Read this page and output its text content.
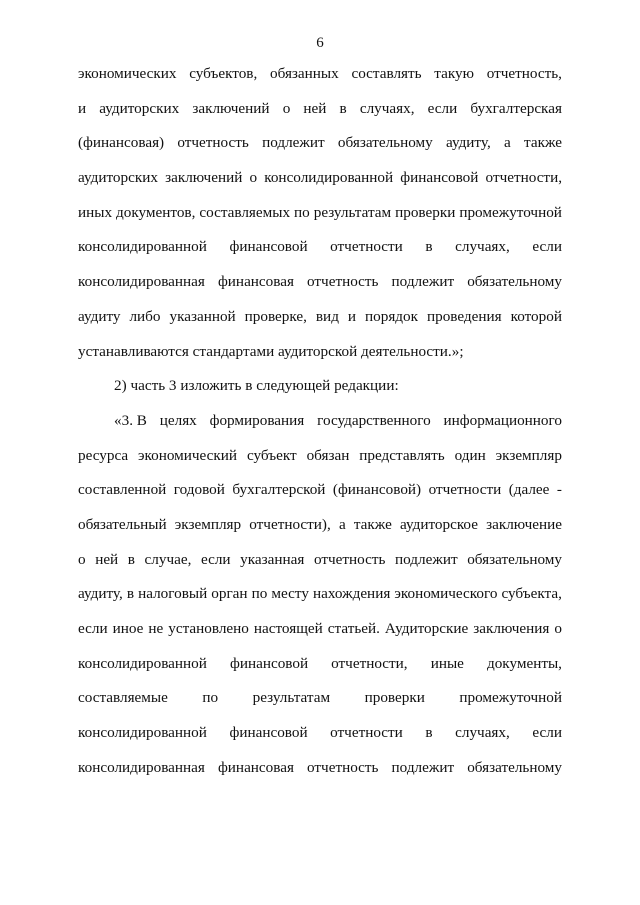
6
экономических субъектов, обязанных составлять такую отчетность,
и аудиторских заключений о ней в случаях, если бухгалтерская
(финансовая) отчетность подлежит обязательному аудиту, а также
аудиторских заключений о консолидированной финансовой отчетности,
иных документов, составляемых по результатам проверки промежуточной
консолидированной финансовой отчетности в случаях, если
консолидированная финансовая отчетность подлежит обязательному
аудиту либо указанной проверке, вид и порядок проведения которой
устанавливаются стандартами аудиторской деятельности.»;
2) часть 3 изложить в следующей редакции:
«3. В целях формирования государственного информационного
ресурса экономический субъект обязан представлять один экземпляр
составленной годовой бухгалтерской (финансовой) отчетности (далее -
обязательный экземпляр отчетности), а также аудиторское заключение
о ней в случае, если указанная отчетность подлежит обязательному
аудиту, в налоговый орган по месту нахождения экономического субъекта,
если иное не установлено настоящей статьей. Аудиторские заключения о
консолидированной финансовой отчетности, иные документы,
составляемые по результатам проверки промежуточной
консолидированной финансовой отчетности в случаях, если
консолидированная финансовая отчетность подлежит обязательному
